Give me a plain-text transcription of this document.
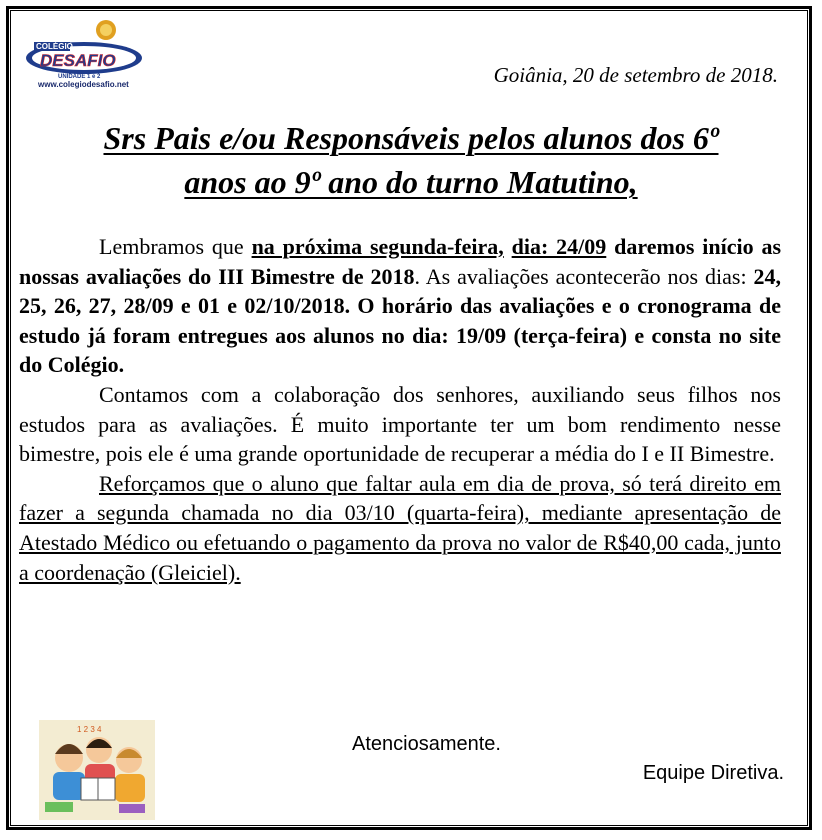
COLÉGIO
DESAFIO
UNIDADE 1 e 2
www.colegiodesafio.net	Goiânia, 20 de setembro de 2018.
Srs Pais e/ou Responsáveis pelos alunos dos 6º
anos ao 9º ano do turno Matutino,

Lembramos que na próxima segunda-feira, dia: 24/09 daremos início as nossas avaliações do III Bimestre de 2018. As avaliações acontecerão nos dias: 24, 25, 26, 27, 28/09 e 01 e 02/10/2018. O horário das avaliações e o cronograma de estudo já foram entregues aos alunos no dia: 19/09 (terça-feira) e consta no site do Colégio.

Contamos com a colaboração dos senhores, auxiliando seus filhos nos estudos para as avaliações. É muito importante ter um bom rendimento nesse bimestre, pois ele é uma grande oportunidade de recuperar a média do I e II Bimestre.

Reforçamos que o aluno que faltar aula em dia de prova, só terá direito em fazer a segunda chamada no dia 03/10 (quarta-feira), mediante apresentação de Atestado Médico ou efetuando o pagamento da prova no valor de R$40,00 cada, junto a coordenação (Gleiciel).

1 2 3 4
Atenciosamente.
Equipe Diretiva.
